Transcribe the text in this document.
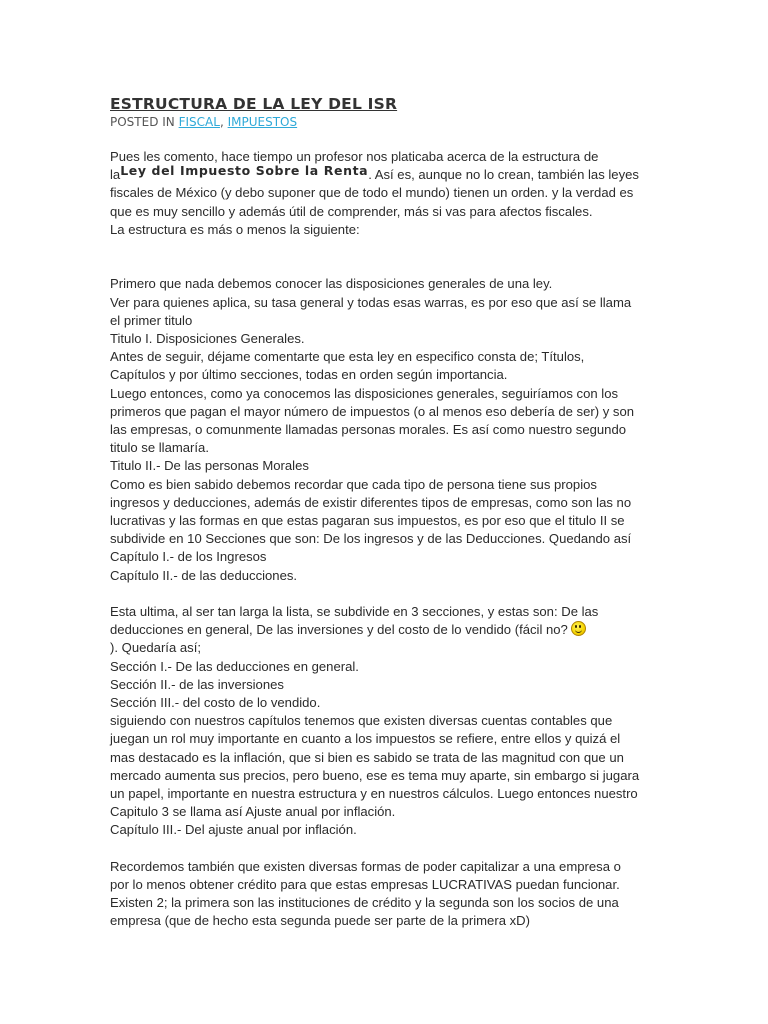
ESTRUCTURA DE LA LEY DEL ISR
POSTED IN FISCAL, IMPUESTOS
Pues les comento, hace tiempo un profesor nos platicaba acerca de la estructura de
laLey del Impuesto Sobre la Renta. Así es, aunque no lo crean, también las leyes
fiscales de México (y debo suponer que de todo el mundo) tienen un orden. y la verdad es
que es muy sencillo y además útil de comprender, más si vas para afectos fiscales.
La estructura es más o menos la siguiente:
Primero que nada debemos conocer las disposiciones generales de una ley.
Ver para quienes aplica, su tasa general y todas esas warras, es por eso que así se llama
el primer titulo
Titulo I. Disposiciones Generales.
Antes de seguir, déjame comentarte que esta ley en especifico consta de; Títulos,
Capítulos y por último secciones, todas en orden según importancia.
Luego entonces, como ya conocemos las disposiciones generales, seguiríamos con los
primeros que pagan el mayor número de impuestos (o al menos eso debería de ser) y son
las empresas, o comunmente llamadas personas morales. Es así como nuestro segundo
titulo se llamaría.
Titulo II.- De las personas Morales
Como es bien sabido debemos recordar que cada tipo de persona tiene sus propios
ingresos y deducciones, además de existir diferentes tipos de empresas, como son las no
lucrativas y las formas en que estas pagaran sus impuestos, es por eso que el titulo II se
subdivide en 10 Secciones que son: De los ingresos y de las Deducciones. Quedando así
Capítulo I.- de los Ingresos
Capítulo II.- de las deducciones.
Esta ultima, al ser tan larga la lista, se subdivide en 3 secciones, y estas son: De las
deducciones en general, De las inversiones y del costo de lo vendido (fácil no?
). Quedaría así;
Sección I.- De las deducciones en general.
Sección II.- de las inversiones
Sección III.- del costo de lo vendido.
siguiendo con nuestros capítulos tenemos que existen diversas cuentas contables que
juegan un rol muy importante en cuanto a los impuestos se refiere, entre ellos y quizá el
mas destacado es la inflación, que si bien es sabido se trata de las magnitud con que un
mercado aumenta sus precios, pero bueno, ese es tema muy aparte, sin embargo si jugara
un papel, importante en nuestra estructura y en nuestros cálculos. Luego entonces nuestro
Capitulo 3 se llama así Ajuste anual por inflación.
Capítulo III.- Del ajuste anual por inflación.
Recordemos también que existen diversas formas de poder capitalizar a una empresa o
por lo menos obtener crédito para que estas empresas LUCRATIVAS puedan funcionar.
Existen 2; la primera son las instituciones de crédito y la segunda son los socios de una
empresa (que de hecho esta segunda puede ser parte de la primera xD)
